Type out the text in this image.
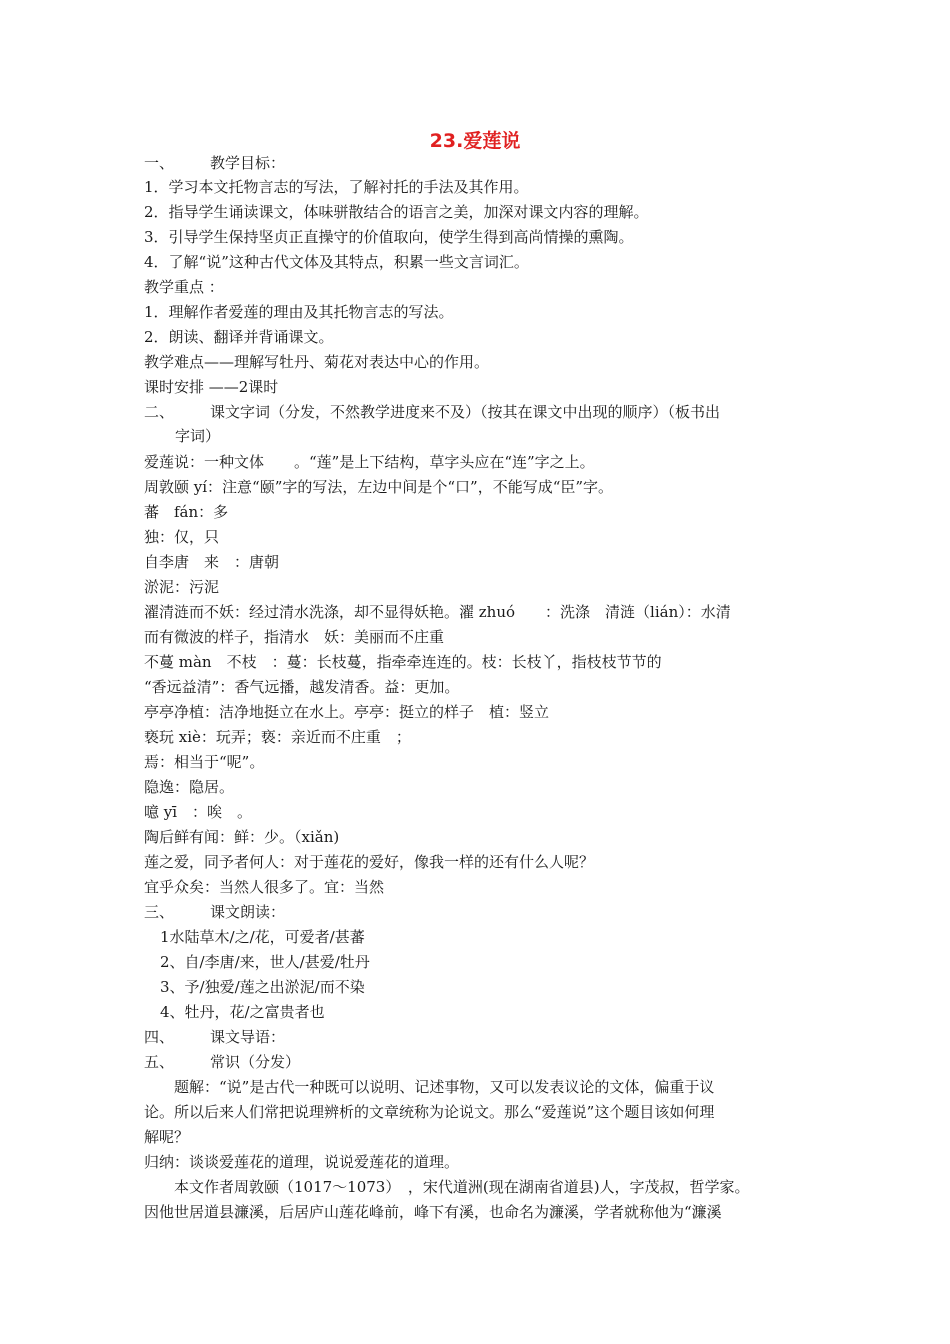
23.爱莲说
一、 教学目标：
1．学习本文托物言志的写法，了解衬托的手法及其作用。
2．指导学生诵读课文，体味骈散结合的语言之美，加深对课文内容的理解。
3．引导学生保持坚贞正直操守的价值取向，使学生得到高尚情操的熏陶。
4．了解“说”这种古代文体及其特点，积累一些文言词汇。
教学重点 ：
1．理解作者爱莲的理由及其托物言志的写法。
2．朗读、翻译并背诵课文。
教学难点——理解写牡丹、菊花对表达中心的作用。
课时安排 ——2课时
二、 课文字词（分发，不然教学进度来不及）（按其在课文中出现的顺序）（板书出
字词）
爱莲说：一种文体　　。“莲”是上下结构，草字头应在“连”字之上。
周敦颐 yí：注意“颐”字的写法，左边中间是个“口”，不能写成“臣”字。
蕃　fán：多
独：仅，只
自李唐　来　：唐朝
淤泥：污泥
濯清涟而不妖：经过清水洗涤，却不显得妖艳。濯 zhuó　　：洗涤　清涟（lián）：水清
而有微波的样子，指清水　妖：美丽而不庄重
不蔓 màn　不枝　：蔓：长枝蔓，指牵牵连连的。枝：长枝丫，指枝枝节节的
“香远益清”：香气远播，越发清香。益：更加。
亭亭净植：洁净地挺立在水上。亭亭：挺立的样子　植：竖立
亵玩 xiè：玩弄；亵：亲近而不庄重　；
焉：相当于“呢”。
隐逸：隐居。
噫 yī　：唉　。
陶后鲜有闻：鲜：少。（xiǎn)
莲之爱，同予者何人：对于莲花的爱好，像我一样的还有什么人呢？
宜乎众矣：当然人很多了。宜：当然
三、 课文朗读：
1水陆草木/之/花，可爱者/甚蕃
2、自/李唐/来，世人/甚爱/牡丹
3、予/独爱/莲之出淤泥/而不染
4、牡丹，花/之富贵者也
四、 课文导语：
五、 常识（分发）
　　题解：“说”是古代一种既可以说明、记述事物，又可以发表议论的文体，偏重于议
论。所以后来人们常把说理辨析的文章统称为论说文。那么“爱莲说”这个题目该如何理
解呢？
归纳：谈谈爱莲花的道理，说说爱莲花的道理。
　　本文作者周敦颐（1017～1073）　，宋代道洲(现在湖南省道县)人，字茂叔，哲学家。
因他世居道县濂溪，后居庐山莲花峰前，峰下有溪，也命名为濂溪，学者就称他为“濂溪
